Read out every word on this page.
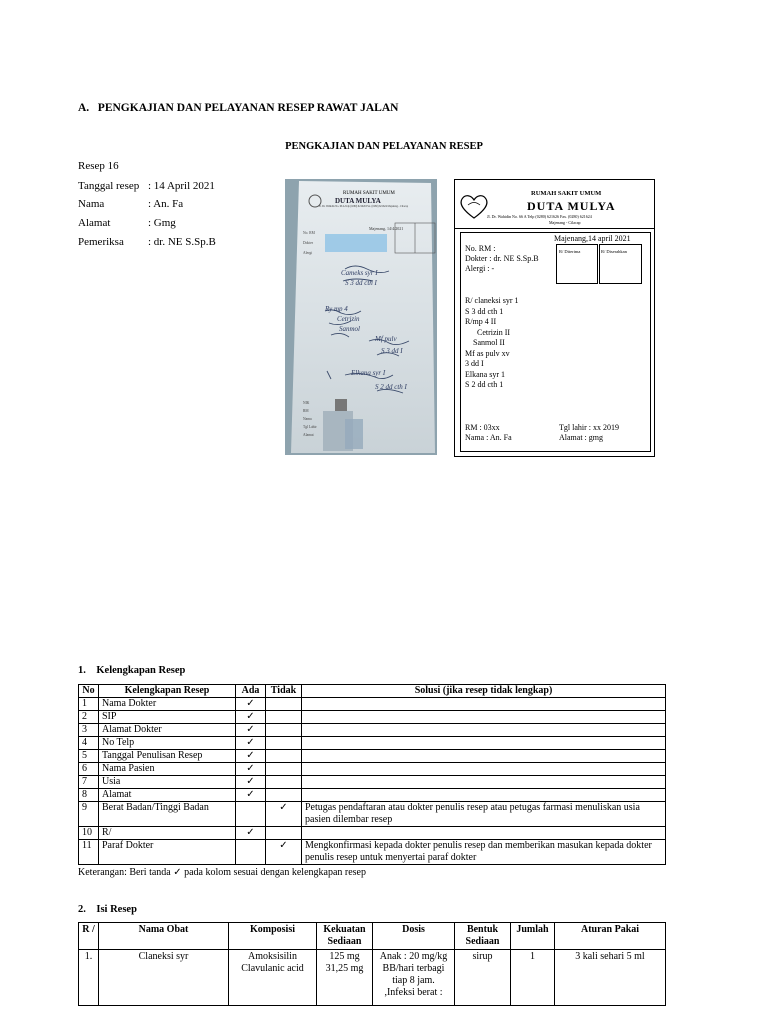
A.   PENGKAJIAN DAN PELAYANAN RESEP RAWAT JALAN
PENGKAJIAN DAN PELAYANAN RESEP
Resep 16
Tanggal resep : 14 April 2021
Nama	: An. Fa
Alamat	: Gmg
Pemeriksa : dr. NE S.Sp.B
RUMAH SAKIT UMUM
DUTA MULYA
Jl. Dr. Wahidin No. 66 A Telp (0280) 621626 Fax. (0280) 621624 Majenang - Cilacap
Majenang, 14/4/2021
No. RM
Dokter
Alergi
Cameks syr I
S 3 dd cth I
Ry mp 4
Cetrizin
Sanmol
Mf pulv
S 3 dd I
Elkana syr I
S 2 dd cth I
NIK
RM
Nama
Tgl Lahir
Alamat
RUMAH SAKIT UMUM
DUTA MULYA
Jl. Dr. Wahidin No. 66 A Telp (0280) 621626 Fax. (0280) 621624
Majenang - Cilacap
Majenang,14 april 2021
R/ Diterima	R/ Diserahkan
No. RM :
Dokter : dr. NE S.Sp.B
Alergi : -
R/ claneksi syr 1
S 3 dd cth 1
R/mp 4 II
Cetrizin II
Sanmol II
Mf as pulv xv
3 dd I
Elkana syr 1
S 2 dd cth 1
RM : 03xx	Tgl lahir : xx 2019
Nama : An. Fa	Alamat : gmg
1.    Kelengkapan Resep
No	Kelengkapan Resep	Ada	Tidak	Solusi (jika resep tidak lengkap)
1	Nama Dokter	✓		
2	SIP	✓		
3	Alamat Dokter	✓		
4	No Telp	✓		
5	Tanggal Penulisan Resep	✓		
6	Nama Pasien	✓		
7	Usia	✓		
8	Alamat	✓		
9	Berat Badan/Tinggi Badan		✓	Petugas pendaftaran atau dokter penulis resep atau petugas farmasi menuliskan usia pasien dilembar resep
10	R/	✓		
11	Paraf Dokter		✓	Mengkonfirmasi kepada dokter penulis resep dan memberikan masukan kepada dokter penulis resep untuk menyertai paraf dokter
Keterangan: Beri tanda ✓ pada kolom sesuai dengan kelengkapan resep
2.    Isi Resep
R /	Nama Obat	Komposisi	Kekuatan Sediaan	Dosis	Bentuk Sediaan	Jumlah	Aturan Pakai
1.	Claneksi syr	Amoksisilin Clavulanic acid	125 mg 31,25 mg	Anak : 20 mg/kg BB/hari terbagi tiap 8 jam. ,Infeksi berat :	sirup	1	3 kali sehari 5 ml
